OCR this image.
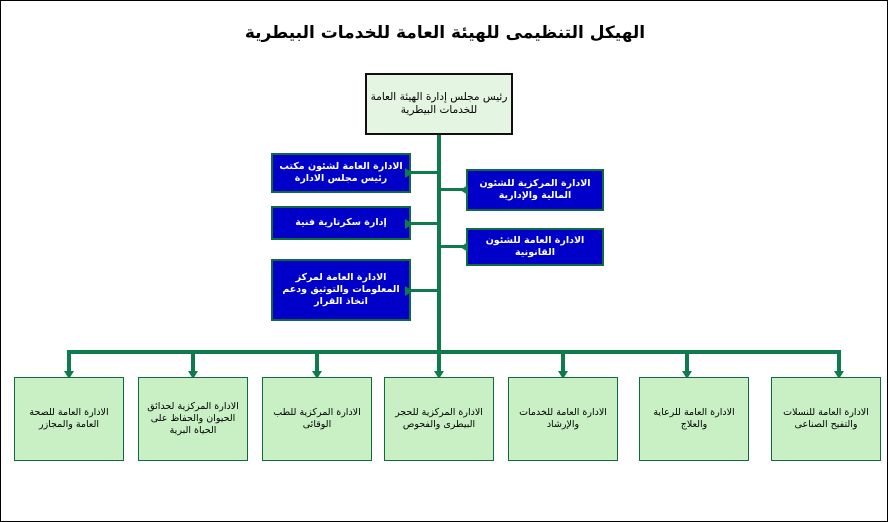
الهيكل التنظيمى للهيئة العامة للخدمات البيطرية
رئيس مجلس إدارة الهيئة العامة للخدمات البيطرية
الادارة العامة لشئون مكتب رئيس مجلس الادارة
إدارة سكرتارية فنية
الادارة العامة لمركز المعلومات والتوثيق ودعم اتخاذ القرار
الادارة المركزية للشئون المالية والإدارية
الادارة العامة للشئون القانونية
الادارة العامة للصحة العامة والمجازر
الادارة المركزية لحدائق الحيوان والحفاظ على الحياة البرية
الادارة المركزية للطب الوقائى
الادارة المركزية للحجر البيطرى والفحوص
الادارة العامة للخدمات والإرشاد
الادارة العامة للرعاية والعلاج
الادارة العامة للنسلات والتفيح الصناعى
